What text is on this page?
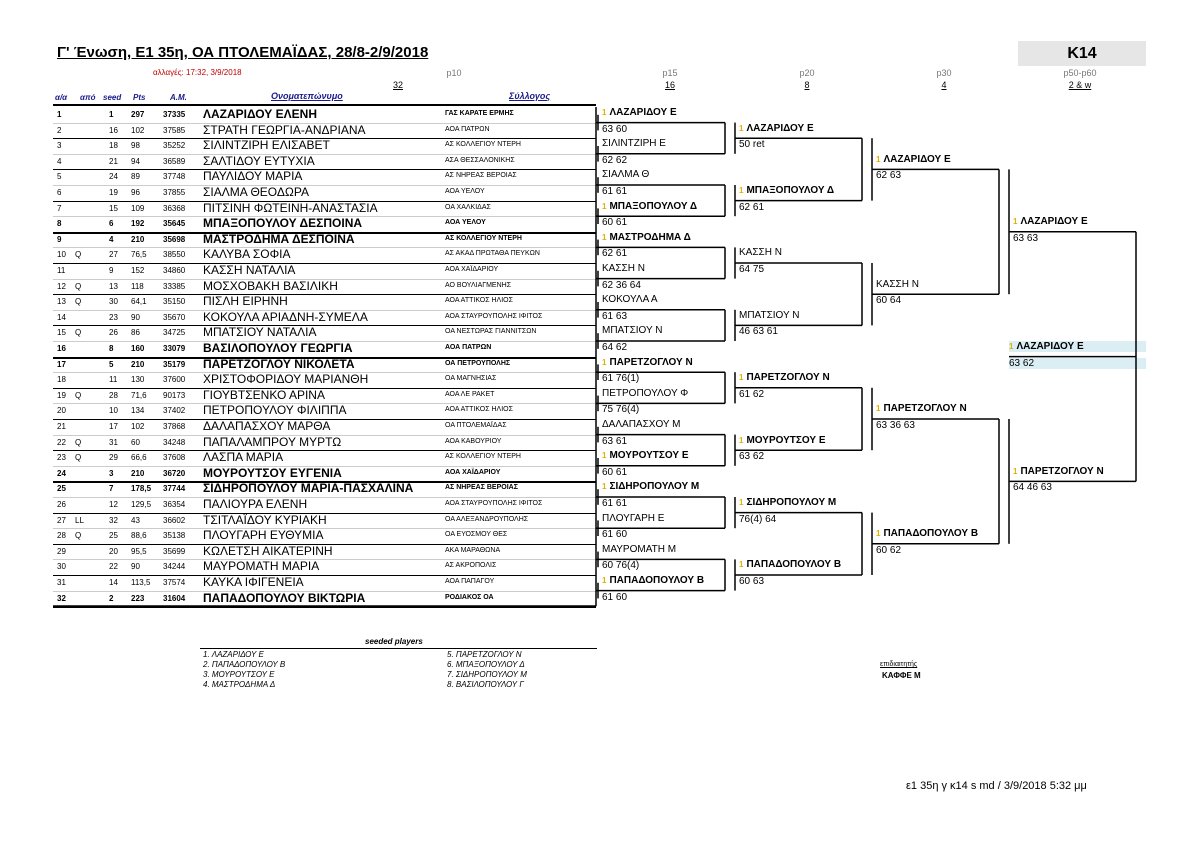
Γ' Ένωση, Ε1 35η, ΟΑ ΠΤΟΛΕΜΑΪΔΑΣ, 28/8-2/9/2018	K14
αλλαγές: 17:32, 3/9/2018	p10
32
p15
16
p20
8
p30
4
p50-p60
2 & w
α/α από seed Pts	Α.Μ.	Ονοματεπώνυμο	Σύλλογος
1	1 297 37335 ΛΑΖΑΡΙΔΟΥ ΕΛΕΝΗ	ΓΑΣ ΚΑΡΑΤΕ ΕΡΜΗΣ
2	16 102 37585 ΣΤΡΑΤΗ ΓΕΩΡΓΙΑ-ΑΝΔΡΙΑΝΑ	ΑΟΑ ΠΑΤΡΩΝ
3	18 98	35252 ΣΙΛΙΝΤΖΙΡΗ ΕΛΙΣΑΒΕΤ	ΑΣ ΚΟΛΛΕΓΙΟΥ ΝΤΕΡΗ
4	21 94	36589 ΣΑΛΤΙΔΟΥ ΕΥΤΥΧΙΑ	ΑΣΑ ΘΕΣΣΑΛΟΝΙΚΗΣ
5	24 89	37748 ΠΑΥΛΙΔΟΥ ΜΑΡΙΑ	ΑΣ ΝΗΡΕΑΣ ΒΕΡΟΙΑΣ
6	19 96	37855 ΣΙΑΛΜΑ ΘΕΟΔΩΡΑ	ΑΟΑ ΥΕΛΟΥ
7	15 109 36368 ΠΙΤΣΙΝΗ ΦΩΤΕΙΝΗ-ΑΝΑΣΤΑΣΙΑ	ΟΑ ΧΑΛΚΙΔΑΣ
8	6 192 35645 ΜΠΑΞΟΠΟΥΛΟΥ ΔΕΣΠΟΙΝΑ	ΑΟΑ ΥΕΛΟΥ
9	4 210 35698 ΜΑΣΤΡΟΔΗΜΑ ΔΕΣΠΟΙΝΑ	ΑΣ ΚΟΛΛΕΓΙΟΥ ΝΤΕΡΗ
10 Q	27 76,5 38550 ΚΑΛΥΒΑ ΣΟΦΙΑ	ΑΣ ΑΚΑΔ ΠΡΩΤΑΘΑ ΠΕΥΚΩΝ
11	9 152 34860 ΚΑΣΣΗ ΝΑΤΑΛΙΑ	ΑΟΑ ΧΑΪΔΑΡΙΟΥ
12 Q	13 118 33385 ΜΟΣΧΟΒΑΚΗ ΒΑΣΙΛΙΚΗ	ΑΟ ΒΟΥΛΙΑΓΜΕΝΗΣ
13 Q	30 64,1 35150 ΠΙΣΛΗ ΕΙΡΗΝΗ	ΑΟΑ ΑΤΤΙΚΟΣ ΗΛΙΟΣ
14	23 90	35670 ΚΟΚΟΥΛΑ ΑΡΙΑΔΝΗ-ΣΥΜΕΛΑ	ΑΟΑ ΣΤΑΥΡΟΥΠΟΛΗΣ ΙΦΙΤΟΣ
15 Q	26 86	34725 ΜΠΑΤΣΙΟΥ ΝΑΤΑΛΙΑ	ΟΑ ΝΕΣΤΩΡΑΣ ΓΙΑΝΝΙΤΣΩΝ
16	8 160 33079 ΒΑΣΙΛΟΠΟΥΛΟΥ ΓΕΩΡΓΙΑ	ΑΟΑ ΠΑΤΡΩΝ
17	5 210 35179 ΠΑΡΕΤΖΟΓΛΟΥ ΝΙΚΟΛΕΤΑ	ΟΑ ΠΕΤΡΟΥΠΟΛΗΣ
18	11 130 37600 ΧΡΙΣΤΟΦΟΡΙΔΟΥ ΜΑΡΙΑΝΘΗ	ΟΑ ΜΑΓΝΗΣΙΑΣ
19 Q	28 71,6 90173 ΓΙΟΥΒΤΣΕΝΚΟ ΑΡΙΝΑ	ΑΟΑ ΛΕ ΡΑΚΕΤ
20	10 134 37402 ΠΕΤΡΟΠΟΥΛΟΥ ΦΙΛΙΠΠΑ	ΑΟΑ ΑΤΤΙΚΟΣ ΗΛΙΟΣ
21	17 102 37868 ΔΑΛΑΠΑΣΧΟΥ ΜΑΡΘΑ	ΟΑ ΠΤΟΛΕΜΑΪΔΑΣ
22 Q	31 60	34248 ΠΑΠΑΛΑΜΠΡΟΥ ΜΥΡΤΩ	ΑΟΑ ΚΑΒΟΥΡΙΟΥ
23 Q	29 66,6 37608 ΛΑΣΠΑ ΜΑΡΙΑ	ΑΣ ΚΟΛΛΕΓΙΟΥ ΝΤΕΡΗ
24	3 210 36720 ΜΟΥΡΟΥΤΣΟΥ ΕΥΓΕΝΙΑ	ΑΟΑ ΧΑΪΔΑΡΙΟΥ
25	7 178,5 37744 ΣΙΔΗΡΟΠΟΥΛΟΥ ΜΑΡΙΑ-ΠΑΣΧΑΛΙΝΑ	ΑΣ ΝΗΡΕΑΣ ΒΕΡΟΙΑΣ
26	12 129,5 36354 ΠΑΛΙΟΥΡΑ ΕΛΕΝΗ	ΑΟΑ ΣΤΑΥΡΟΥΠΟΛΗΣ ΙΦΙΤΟΣ
27 LL	32 43	36602 ΤΣΙΤΛΑΪΔΟΥ ΚΥΡΙΑΚΗ	ΟΑ ΑΛΕΞΑΝΔΡΟΥΠΟΛΗΣ
28 Q	25 88,6 35138 ΠΛΟΥΓΑΡΗ ΕΥΘΥΜΙΑ	ΟΑ ΕΥΟΣΜΟΥ ΘΕΣ
29	20 95,5 35699 ΚΩΛΕΤΣΗ ΑΙΚΑΤΕΡΙΝΗ	ΑΚΑ ΜΑΡΑΘΩΝΑ
30	22 90	34244 ΜΑΥΡΟΜΑΤΗ ΜΑΡΙΑ	ΑΣ ΑΚΡΟΠΟΛΙΣ
31	14 113,5 37574 ΚΑΥΚΑ ΙΦΙΓΕΝΕΙΑ	ΑΟΑ ΠΑΠΑΓΟΥ
32	2 223 31604 ΠΑΠΑΔΟΠΟΥΛΟΥ ΒΙΚΤΩΡΙΑ	ΡΟΔΙΑΚΟΣ ΟΑ
1 ΛΑΖΑΡΙΔΟΥ Ε
63 60
ΣΙΛΙΝΤΖΙΡΗ Ε
62 62
ΣΙΑΛΜΑ Θ
61 61
1 ΜΠΑΞΟΠΟΥΛΟΥ Δ
60 61
1 ΜΑΣΤΡΟΔΗΜΑ Δ
62 61
ΚΑΣΣΗ Ν
62 36 64
ΚΟΚΟΥΛΑ Α
61 63
ΜΠΑΤΣΙΟΥ Ν
64 62
1 ΠΑΡΕΤΖΟΓΛΟΥ Ν
61 76(1)
ΠΕΤΡΟΠΟΥΛΟΥ Φ
75 76(4)
ΔΑΛΑΠΑΣΧΟΥ Μ
63 61
1 ΜΟΥΡΟΥΤΣΟΥ Ε
60 61
1 ΣΙΔΗΡΟΠΟΥΛΟΥ Μ
61 61
ΠΛΟΥΓΑΡΗ Ε
61 60
ΜΑΥΡΟΜΑΤΗ Μ
60 76(4)
1 ΠΑΠΑΔΟΠΟΥΛΟΥ Β
61 60
1 ΛΑΖΑΡΙΔΟΥ Ε
50 ret
1 ΜΠΑΞΟΠΟΥΛΟΥ Δ
62 61
ΚΑΣΣΗ Ν
64 75
ΜΠΑΤΣΙΟΥ Ν
46 63 61
1 ΠΑΡΕΤΖΟΓΛΟΥ Ν
61 62
1 ΜΟΥΡΟΥΤΣΟΥ Ε
63 62
1 ΣΙΔΗΡΟΠΟΥΛΟΥ Μ
76(4) 64
1 ΠΑΠΑΔΟΠΟΥΛΟΥ Β
60 63
1 ΛΑΖΑΡΙΔΟΥ Ε
62 63
ΚΑΣΣΗ Ν
60 64
1 ΠΑΡΕΤΖΟΓΛΟΥ Ν
63 36 63
1 ΠΑΠΑΔΟΠΟΥΛΟΥ Β
60 62
1 ΛΑΖΑΡΙΔΟΥ Ε
63 63
1 ΠΑΡΕΤΖΟΓΛΟΥ Ν
64 46 63
1 ΛΑΖΑΡΙΔΟΥ Ε
63 62
seeded players
1. ΛΑΖΑΡΙΔΟΥ Ε
2. ΠΑΠΑΔΟΠΟΥΛΟΥ Β
3. ΜΟΥΡΟΥΤΣΟΥ Ε
4. ΜΑΣΤΡΟΔΗΜΑ Δ
5. ΠΑΡΕΤΖΟΓΛΟΥ Ν
6. ΜΠΑΞΟΠΟΥΛΟΥ Δ
7. ΣΙΔΗΡΟΠΟΥΛΟΥ Μ
8. ΒΑΣΙΛΟΠΟΥΛΟΥ Γ
επιδιαιτητής
ΚΑΦΦΕ Μ
ε1 35η γ κ14 s md / 3/9/2018 5:32 μμ
